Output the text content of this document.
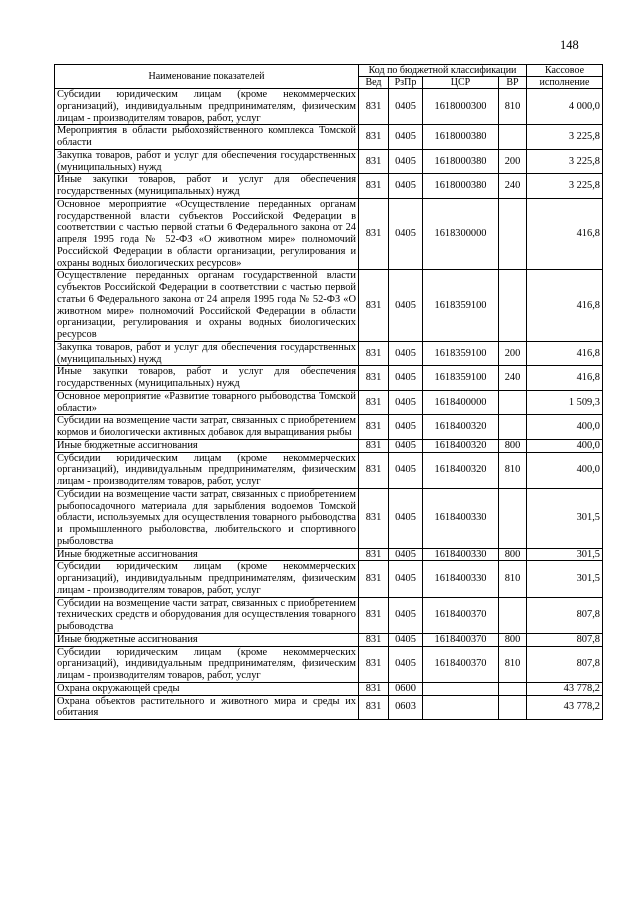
148
Наименование показателей	Код по бюджетной классификации				Кассовое
	Вед	РзПр	ЦСР	ВР	исполнение
Субсидии юридическим лицам (кроме некоммерческих организаций), индивидуальным предпринимателям, физическим лицам - производителям товаров, работ, услуг	831	0405	1618000300	810	4 000,0
Мероприятия в области рыбохозяйственного комплекса Томской области	831	0405	1618000380		3 225,8
Закупка товаров, работ и услуг для обеспечения государственных (муниципальных) нужд	831	0405	1618000380	200	3 225,8
Иные закупки товаров, работ и услуг для обеспечения государственных (муниципальных) нужд	831	0405	1618000380	240	3 225,8
Основное мероприятие «Осуществление переданных органам государственной власти субъектов Российской Федерации в соответствии с частью первой статьи 6 Федерального закона от 24 апреля 1995 года № 52-ФЗ «О животном мире» полномочий Российской Федерации в области организации, регулирования и охраны водных биологических ресурсов»	831	0405	1618300000		416,8
Осуществление переданных органам государственной власти субъектов Российской Федерации в соответствии с частью первой статьи 6 Федерального закона от 24 апреля 1995 года № 52-ФЗ «О животном мире» полномочий Российской Федерации в области организации, регулирования и охраны водных биологических ресурсов	831	0405	1618359100		416,8
Закупка товаров, работ и услуг для обеспечения государственных (муниципальных) нужд	831	0405	1618359100	200	416,8
Иные закупки товаров, работ и услуг для обеспечения государственных (муниципальных) нужд	831	0405	1618359100	240	416,8
Основное мероприятие «Развитие товарного рыбоводства Томской области»	831	0405	1618400000		1 509,3
Субсидии на возмещение части затрат, связанных с приобретением кормов и биологически активных добавок для выращивания рыбы	831	0405	1618400320		400,0
Иные бюджетные ассигнования	831	0405	1618400320	800	400,0
Субсидии юридическим лицам (кроме некоммерческих организаций), индивидуальным предпринимателям, физическим лицам - производителям товаров, работ, услуг	831	0405	1618400320	810	400,0
Субсидии на возмещение части затрат, связанных с приобретением рыбопосадочного материала для зарыбления водоемов Томской области, используемых для осуществления товарного рыбоводства и промышленного рыболовства, любительского и спортивного рыболовства	831	0405	1618400330		301,5
Иные бюджетные ассигнования	831	0405	1618400330	800	301,5
Субсидии юридическим лицам (кроме некоммерческих организаций), индивидуальным предпринимателям, физическим лицам - производителям товаров, работ, услуг	831	0405	1618400330	810	301,5
Субсидии на возмещение части затрат, связанных с приобретением технических средств и оборудования для осуществления товарного рыбоводства	831	0405	1618400370		807,8
Иные бюджетные ассигнования	831	0405	1618400370	800	807,8
Субсидии юридическим лицам (кроме некоммерческих организаций), индивидуальным предпринимателям, физическим лицам - производителям товаров, работ, услуг	831	0405	1618400370	810	807,8
Охрана окружающей среды	831	0600			43 778,2
Охрана объектов растительного и животного мира и среды их обитания	831	0603			43 778,2
